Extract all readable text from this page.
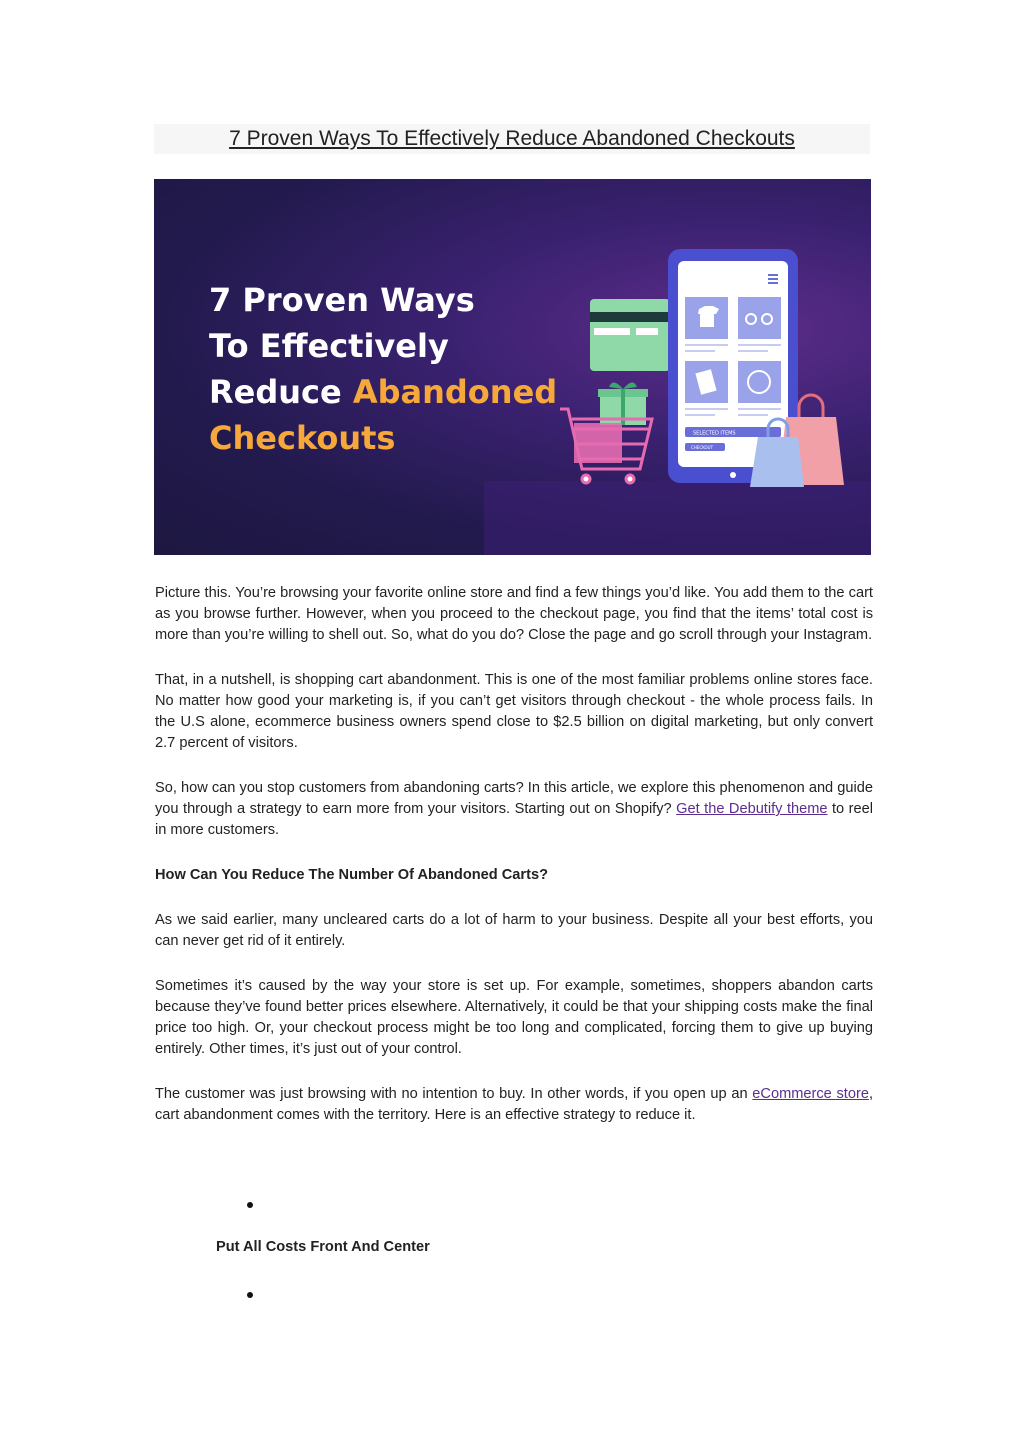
7 Proven Ways To Effectively Reduce Abandoned Checkouts
SELECTED ITEMS
CHECKOUT
7 Proven Ways
To Effectively
Reduce Abandoned
Checkouts

Picture this. You’re browsing your favorite online store and find a few things you’d like. You add them to the cart as you browse further. However, when you proceed to the checkout page, you find that the items’ total cost is more than you’re willing to shell out. So, what do you do? Close the page and go scroll through your Instagram.

That, in a nutshell, is shopping cart abandonment. This is one of the most familiar problems online stores face. No matter how good your marketing is, if you can’t get visitors through checkout - the whole process fails. In the U.S alone, ecommerce business owners spend close to $2.5 billion on digital marketing, but only convert 2.7 percent of visitors.

So, how can you stop customers from abandoning carts? In this article, we explore this phenomenon and guide you through a strategy to earn more from your visitors. Starting out on Shopify? Get the Debutify theme to reel in more customers.

How Can You Reduce The Number Of Abandoned Carts?

As we said earlier, many uncleared carts do a lot of harm to your business. Despite all your best efforts, you can never get rid of it entirely.

Sometimes it’s caused by the way your store is set up. For example, sometimes, shoppers abandon carts because they’ve found better prices elsewhere. Alternatively, it could be that your shipping costs make the final price too high. Or, your checkout process might be too long and complicated, forcing them to give up buying entirely. Other times, it’s just out of your control.

The customer was just browsing with no intention to buy. In other words, if you open up an eCommerce store, cart abandonment comes with the territory. Here is an effective strategy to reduce it.

Put All Costs Front And Center
